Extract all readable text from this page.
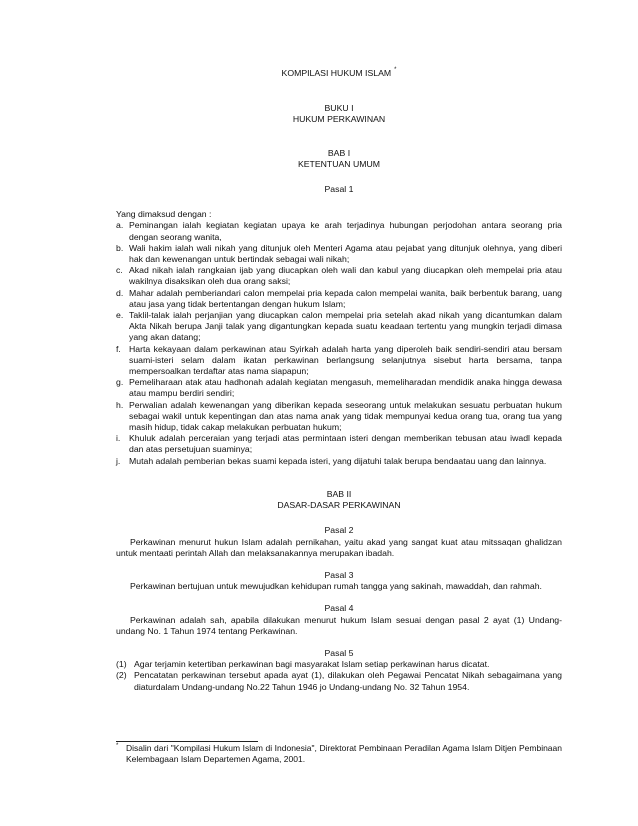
KOMPILASI HUKUM ISLAM *
BUKU I
HUKUM PERKAWINAN
BAB I
KETENTUAN UMUM
Pasal 1

Yang dimaksud dengan :

a. Peminangan ialah kegiatan kegiatan upaya ke arah terjadinya hubungan perjodohan antara seorang pria dengan seorang wanita,
b. Wali hakim ialah wali nikah yang ditunjuk oleh Menteri Agama atau pejabat yang ditunjuk olehnya, yang diberi hak dan kewenangan untuk bertindak sebagai wali nikah;
c. Akad nikah ialah rangkaian ijab yang diucapkan oleh wali dan kabul yang diucapkan oleh mempelai pria atau wakilnya disaksikan oleh dua orang saksi;
d. Mahar adalah pemberiandari calon mempelai pria kepada calon mempelai wanita, baik berbentuk barang, uang atau jasa yang tidak bertentangan dengan hukum Islam;
e. Taklil-talak ialah perjanjian yang diucapkan calon mempelai pria setelah akad nikah yang dicantumkan dalam Akta Nikah berupa Janji talak yang digantungkan kepada suatu keadaan tertentu yang mungkin terjadi dimasa yang akan datang;
f. Harta kekayaan dalam perkawinan atau Syirkah adalah harta yang diperoleh baik sendiri-sendiri atau bersam suami-isteri selam dalam ikatan perkawinan berlangsung selanjutnya sisebut harta bersama, tanpa mempersoalkan terdaftar atas nama siapapun;
g. Pemeliharaan atak atau hadhonah adalah kegiatan mengasuh, memeliharadan mendidik anaka hingga dewasa atau mampu berdiri sendiri;
h. Perwalian adalah kewenangan yang diberikan kepada seseorang untuk melakukan sesuatu perbuatan hukum sebagai wakil untuk kepentingan dan atas nama anak yang tidak mempunyai kedua orang tua, orang tua yang masih hidup, tidak cakap melakukan perbuatan hukum;
i. Khuluk adalah perceraian yang terjadi atas permintaan isteri dengan memberikan tebusan atau iwadl kepada dan atas persetujuan suaminya;
j. Mutah adalah pemberian bekas suami kepada isteri, yang dijatuhi talak berupa bendaatau uang dan lainnya.
BAB II
DASAR-DASAR PERKAWINAN
Pasal 2

Perkawinan menurut hukun Islam adalah pernikahan, yaitu akad yang sangat kuat atau mitssaqan ghalidzan untuk mentaati perintah Allah dan melaksanakannya merupakan ibadah.

Pasal 3

Perkawinan bertujuan untuk mewujudkan kehidupan rumah tangga yang sakinah, mawaddah, dan rahmah.

Pasal 4

Perkawinan adalah sah, apabila dilakukan menurut hukum Islam sesuai dengan pasal 2 ayat (1) Undang-undang No. 1 Tahun 1974 tentang Perkawinan.

Pasal 5
(1) Agar terjamin ketertiban perkawinan bagi masyarakat Islam setiap perkawinan harus dicatat.
(2) Pencatatan perkawinan tersebut apada ayat (1), dilakukan oleh Pegawai Pencatat Nikah sebagaimana yang diaturdalam Undang-undang No.22 Tahun 1946 jo Undang-undang No. 32 Tahun 1954.
* Disalin dari "Kompilasi Hukum Islam di Indonesia", Direktorat Pembinaan Peradilan Agama Islam Ditjen Pembinaan Kelembagaan Islam Departemen Agama, 2001.
